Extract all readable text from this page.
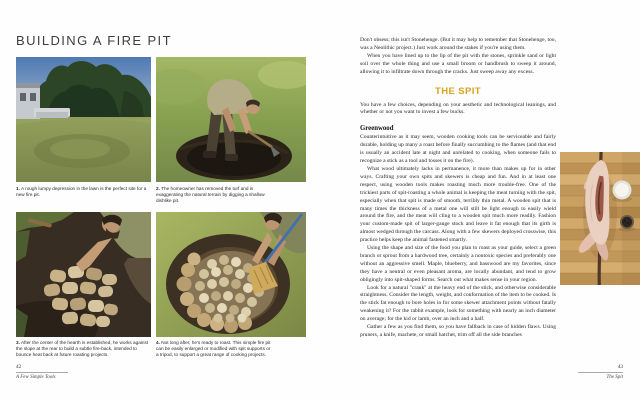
BUILDING A FIRE PIT

1. A rough lumpy depression in the lawn is the perfect site for a new fire pit.

2. The homeowner has removed the turf and is exaggerating the natural terrain by digging a shallow dishlike pit.

3. After the center of the hearth is established, he works against the slope at the rear to build a subtle fire-back, intended to bounce heat back at future roasting projects.

4. Not long after, he's ready to roast. This simple fire pit can be easily enlarged or modified with spit supports or a tripod, to support a great range of cooking projects.

42
A Few Simple Tools

Don't obsess; this isn't Stonehenge. (But it may help to remember that Stonehenge, too, was a Neolithic project.) Just work around the stakes if you're using them.

When you have lined up to the lip of the pit with the stones, sprinkle sand or light soil over the whole thing and use a small broom or handbrush to sweep it around, allowing it to infiltrate down through the cracks. Just sweep away any excess.

THE SPIT

You have a few choices, depending on your aesthetic and technological leanings, and whether or not you want to invest a few bucks.

Greenwood

Counterintuitive as it may seem, wooden cooking tools can be serviceable and fairly durable, holding up many a roast before finally succumbing to the flames (and that end is usually an accident late at night and unrelated to cooking, when someone fails to recognize a stick as a tool and tosses it on the fire).

What wood ultimately lacks in permanence, it more than makes up for in other ways. Crafting your own spits and skewers is cheap and fun. And in at least one respect, using wooden tools makes roasting much more trouble-free. One of the trickiest parts of spit-roasting a whole animal is keeping the meat turning with the spit, especially when that spit is made of smooth, terribly thin metal. A wooden spit that is many times the thickness of a metal one will still be light enough to easily wield around the fire, and the meat will cling to a wooden spit much more readily. Fashion your custom-made spit of larger-gauge stock and leave it fat enough that its girth is almost wedged through the carcass. Along with a few skewers deployed crosswise, this practice helps keep the animal fastened smartly.

Using the shape and size of the food you plan to roast as your guide, select a green branch or sprout from a hardwood tree, certainly a nontoxic species and preferably one without an aggressive smell. Maple, blueberry, and basswood are my favorites, since they have a neutral or even pleasant aroma, are locally abundant, and tend to grow obligingly into spit-shaped forms. Search out what makes sense in your region.

Look for a natural "crank" at the heavy end of the stick, and otherwise considerable straightness. Consider the length, weight, and conformation of the item to be cooked. Is the stick fat enough to bore holes in for some skewer attachment points without fatally weakening it? For the rabbit example, look for something with nearly an inch diameter on average; for the kid or lamb, over an inch and a half.

Gather a few as you find them, so you have fallback in case of hidden flaws. Using pruners, a knife, machete, or small hatchet, trim off all the side branches

43
The Spit
